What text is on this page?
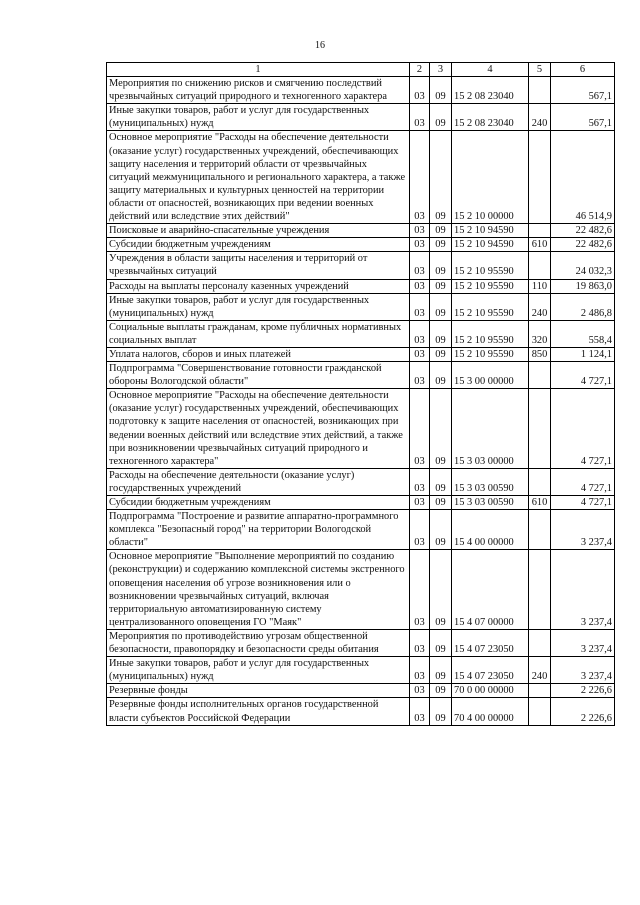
16
1	2	3	4	5	6
Мероприятия по снижению рисков и смягчению последствий чрезвычайных ситуаций природного и техногенного характера	03	09	15 2 08 23040		567,1
Иные закупки товаров, работ и услуг для государственных (муниципальных) нужд	03	09	15 2 08 23040	240	567,1
Основное мероприятие "Расходы на обеспечение деятельности (оказание услуг) государственных учреждений, обеспечивающих защиту населения и территорий области от чрезвычайных ситуаций межмуниципального и регионального характера, а также защиту материальных и культурных ценностей на территории области от опасностей, возникающих при ведении военных действий или вследствие этих действий"	03	09	15 2 10 00000		46 514,9
Поисковые и аварийно-спасательные учреждения	03	09	15 2 10 94590		22 482,6
Субсидии бюджетным учреждениям	03	09	15 2 10 94590	610	22 482,6
Учреждения в области защиты населения и территорий от чрезвычайных ситуаций	03	09	15 2 10 95590		24 032,3
Расходы на выплаты персоналу казенных учреждений	03	09	15 2 10 95590	110	19 863,0
Иные закупки товаров, работ и услуг для государственных (муниципальных) нужд	03	09	15 2 10 95590	240	2 486,8
Социальные выплаты гражданам, кроме публичных нормативных социальных выплат	03	09	15 2 10 95590	320	558,4
Уплата налогов, сборов и иных платежей	03	09	15 2 10 95590	850	1 124,1
Подпрограмма "Совершенствование готовности гражданской обороны Вологодской области"	03	09	15 3 00 00000		4 727,1
Основное мероприятие "Расходы на обеспечение деятельности (оказание услуг) государственных учреждений, обеспечивающих подготовку к защите населения от опасностей, возникающих при ведении военных действий или вследствие этих действий, а также при возникновении чрезвычайных ситуаций природного и техногенного характера"	03	09	15 3 03 00000		4 727,1
Расходы на обеспечение деятельности (оказание услуг) государственных учреждений	03	09	15 3 03 00590		4 727,1
Субсидии бюджетным учреждениям	03	09	15 3 03 00590	610	4 727,1
Подпрограмма "Построение и развитие аппаратно-программного комплекса "Безопасный город" на территории Вологодской области"	03	09	15 4 00 00000		3 237,4
Основное мероприятие "Выполнение мероприятий по созданию (реконструкции) и содержанию комплексной системы экстренного оповещения населения об угрозе возникновения или о возникновении чрезвычайных ситуаций, включая территориальную автоматизированную систему централизованного оповещения ГО "Маяк"	03	09	15 4 07 00000		3 237,4
Мероприятия по противодействию угрозам общественной безопасности, правопорядку и безопасности среды обитания	03	09	15 4 07 23050		3 237,4
Иные закупки товаров, работ и услуг для государственных (муниципальных) нужд	03	09	15 4 07 23050	240	3 237,4
Резервные фонды	03	09	70 0 00 00000		2 226,6
Резервные фонды исполнительных органов государственной власти субъектов Российской Федерации	03	09	70 4 00 00000		2 226,6
